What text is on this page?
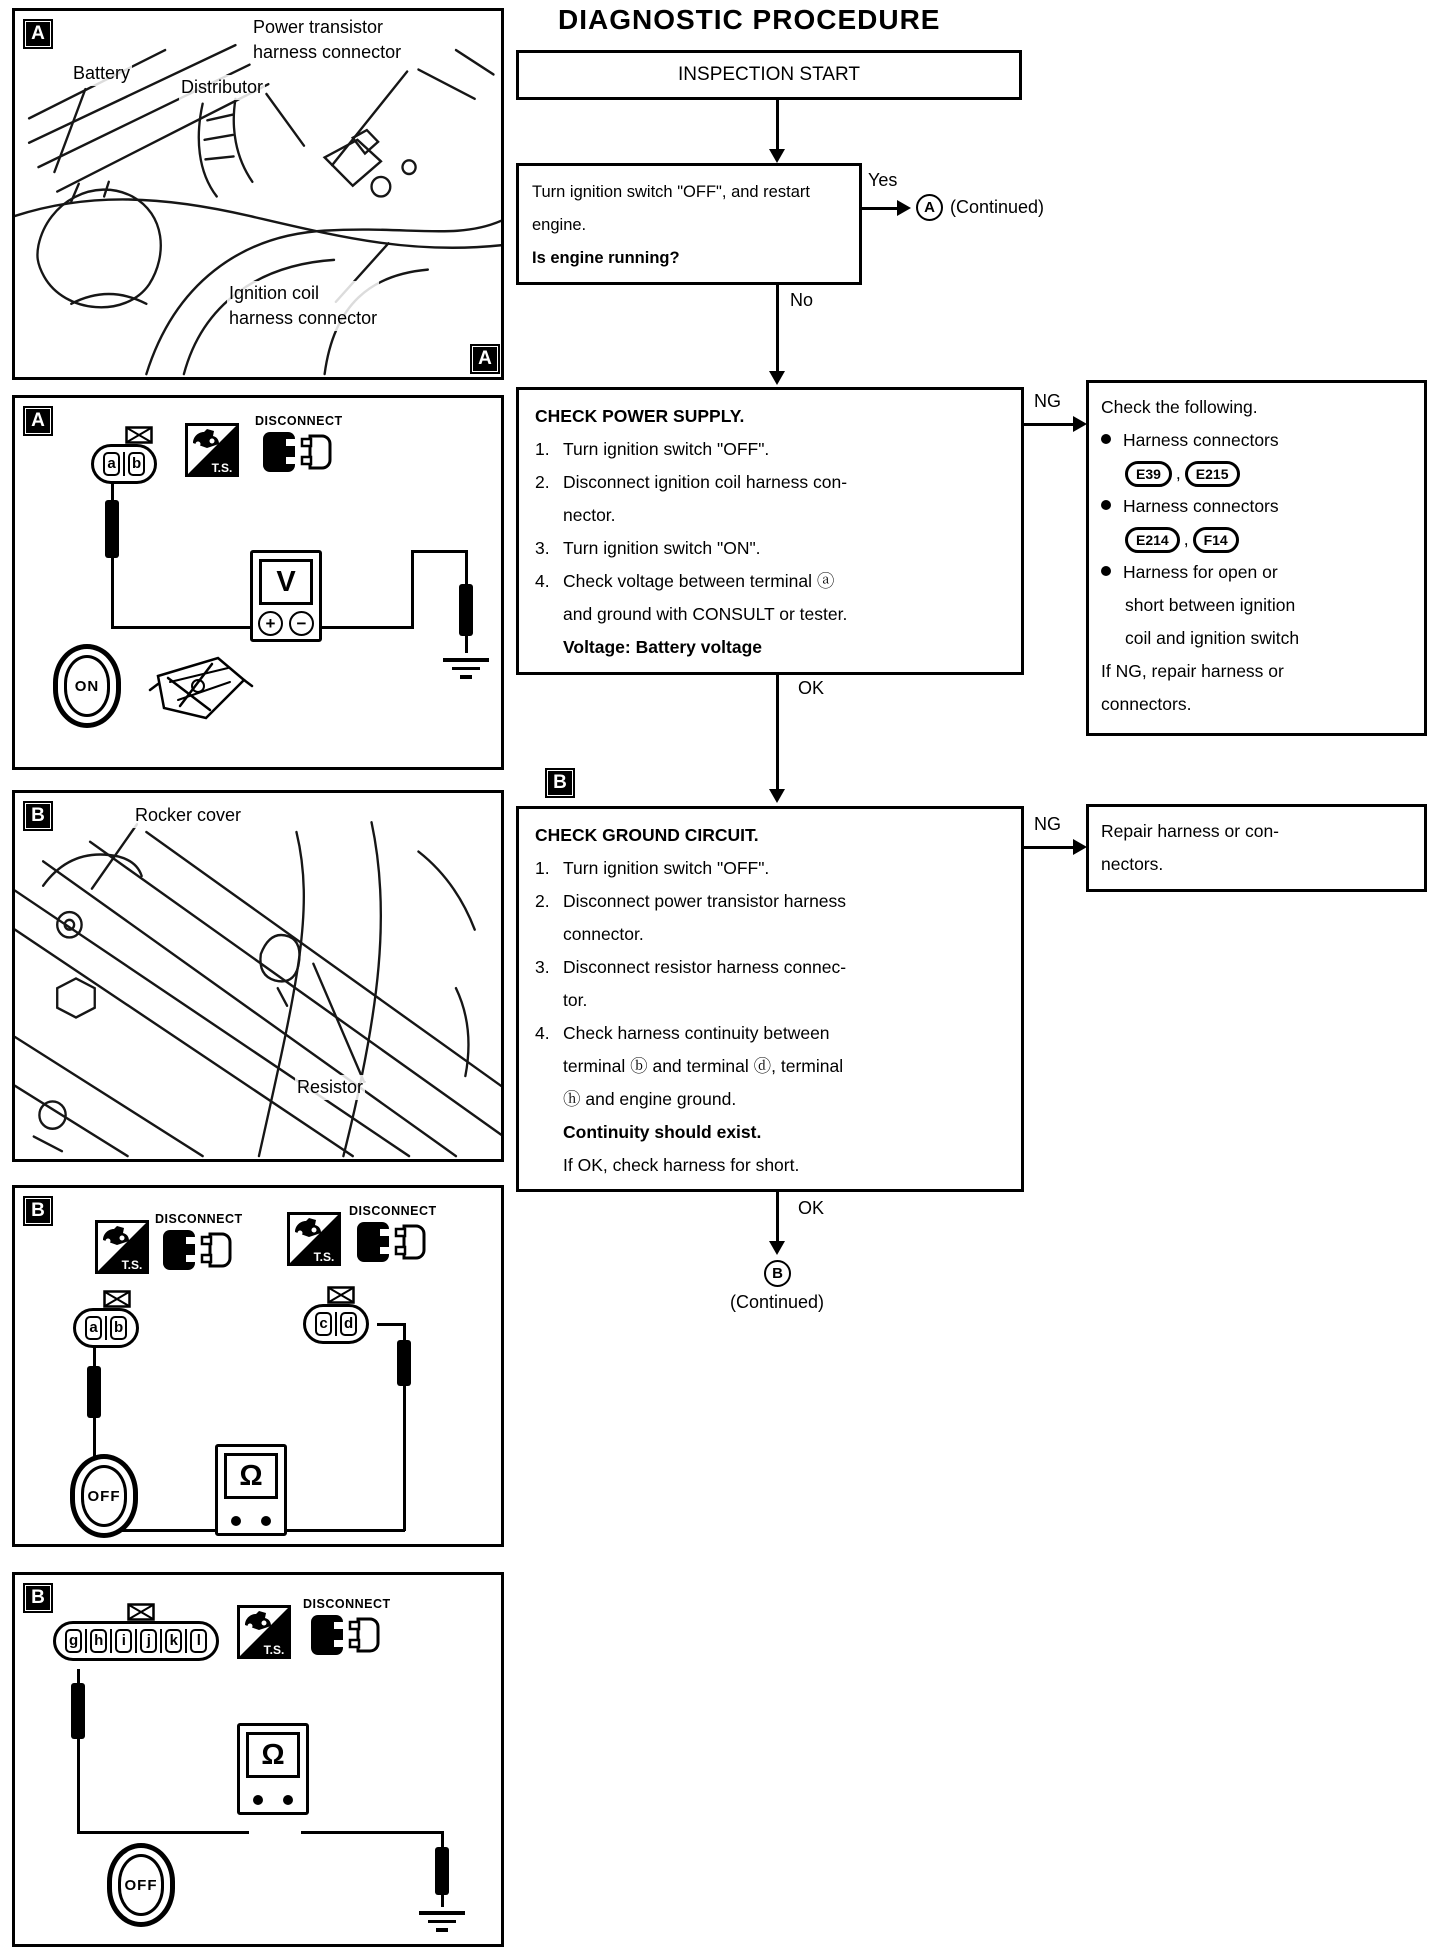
DIAGNOSTIC PROCEDURE
A	Power transistor
harness connector
Battery
Distributor
Ignition coil
harness connector
A
a b	T.S.
DISCONNECT
V
+ −
ON
B	Rocker cover
Resistor
B
T.S.
DISCONNECT
T.S.
DISCONNECT
a b	c d
Ω
OFF
B
g h	i	j	k	l
T.S.
DISCONNECT
Ω
OFF
INSPECTION START
Turn ignition switch "OFF", and restart
engine.
Is engine running?
Yes
A (Continued)
No
A
CHECK POWER SUPPLY.
1. Turn ignition switch "OFF".
2. Disconnect ignition coil harness con-
nector.
3. Turn ignition switch "ON".
4. Check voltage between terminal ⓐ
and ground with CONSULT or tester.
Voltage: Battery voltage
NG Check the following.
Harness connectors
E39 , E215
Harness connectors
E214 , F14
Harness for open or
short between ignition
coil and ignition switch
If NG, repair harness or
connectors.
OK
B
CHECK GROUND CIRCUIT.
1. Turn ignition switch "OFF".
2. Disconnect power transistor harness
connector.
3. Disconnect resistor harness connec-
tor.
4. Check harness continuity between
terminal ⓑ and terminal ⓓ, terminal
ⓗ and engine ground.
Continuity should exist.
If OK, check harness for short.
NG Repair harness or con-
nectors.
OK
B
(Continued)
